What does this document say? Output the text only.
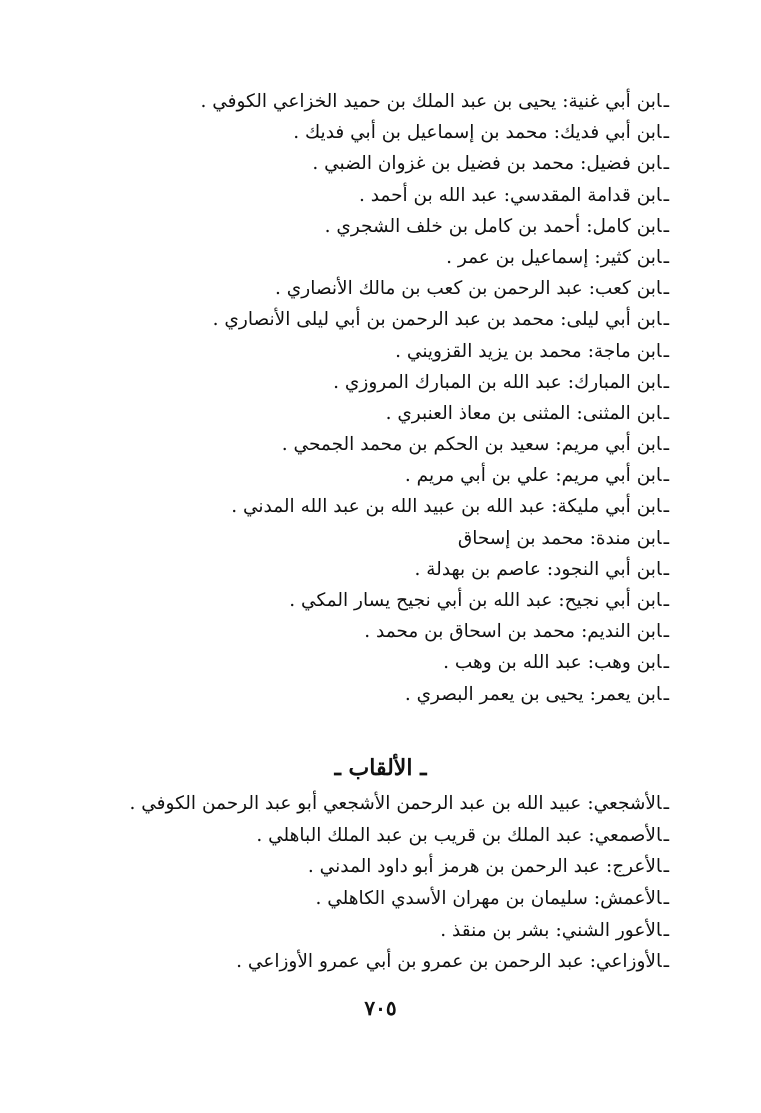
ـابن أبي غنية:يحيى بن عبد الملك بن حميد الخزاعي الكوفي .
ـابن أبي فديك:محمد بن إسماعيل بن أبي فديك .
ـابن فضيل:محمد بن فضيل بن غزوان الضبي .
ـابن قدامة المقدسي:عبد الله بن أحمد .
ـابن كامل:أحمد بن كامل بن خلف الشجري .
ـابن كثير:إسماعيل بن عمر .
ـابن كعب:عبد الرحمن بن كعب بن مالك الأنصاري .
ـابن أبي ليلى:محمد بن عبد الرحمن بن أبي ليلى الأنصاري .
ـابن ماجة:محمد بن يزيد القزويني .
ـابن المبارك:عبد الله بن المبارك المروزي .
ـابن المثنى:المثنى بن معاذ العنبري .
ـابن أبي مريم:سعيد بن الحكم بن محمد الجمحي .
ـابن أبي مريم:علي بن أبي مريم .
ـابن أبي مليكة:عبد الله بن عبيد الله بن عبد الله المدني .
ـابن مندة:محمد بن إسحاق
ـابن أبي النجود:عاصم بن بهدلة .
ـابن أبي نجيح:عبد الله بن أبي نجيح يسار المكي .
ـابن النديم:محمد بن اسحاق بن محمد .
ـابن وهب:عبد الله بن وهب .
ـابن يعمر:يحيى بن يعمر البصري .
ـ الألقاب ـ
ـالأشجعي:عبيد الله بن عبد الرحمن الأشجعي أبو عبد الرحمن الكوفي .
ـالأصمعي:عبد الملك بن قريب بن عبد الملك الباهلي .
ـالأعرج:عبد الرحمن بن هرمز أبو داود المدني .
ـالأعمش:سليمان بن مهران الأسدي الكاهلي .
ـالأعور الشني:بشر بن منقذ .
ـالأوزاعي:عبد الرحمن بن عمرو بن أبي عمرو الأوزاعي .
٧٠٥
